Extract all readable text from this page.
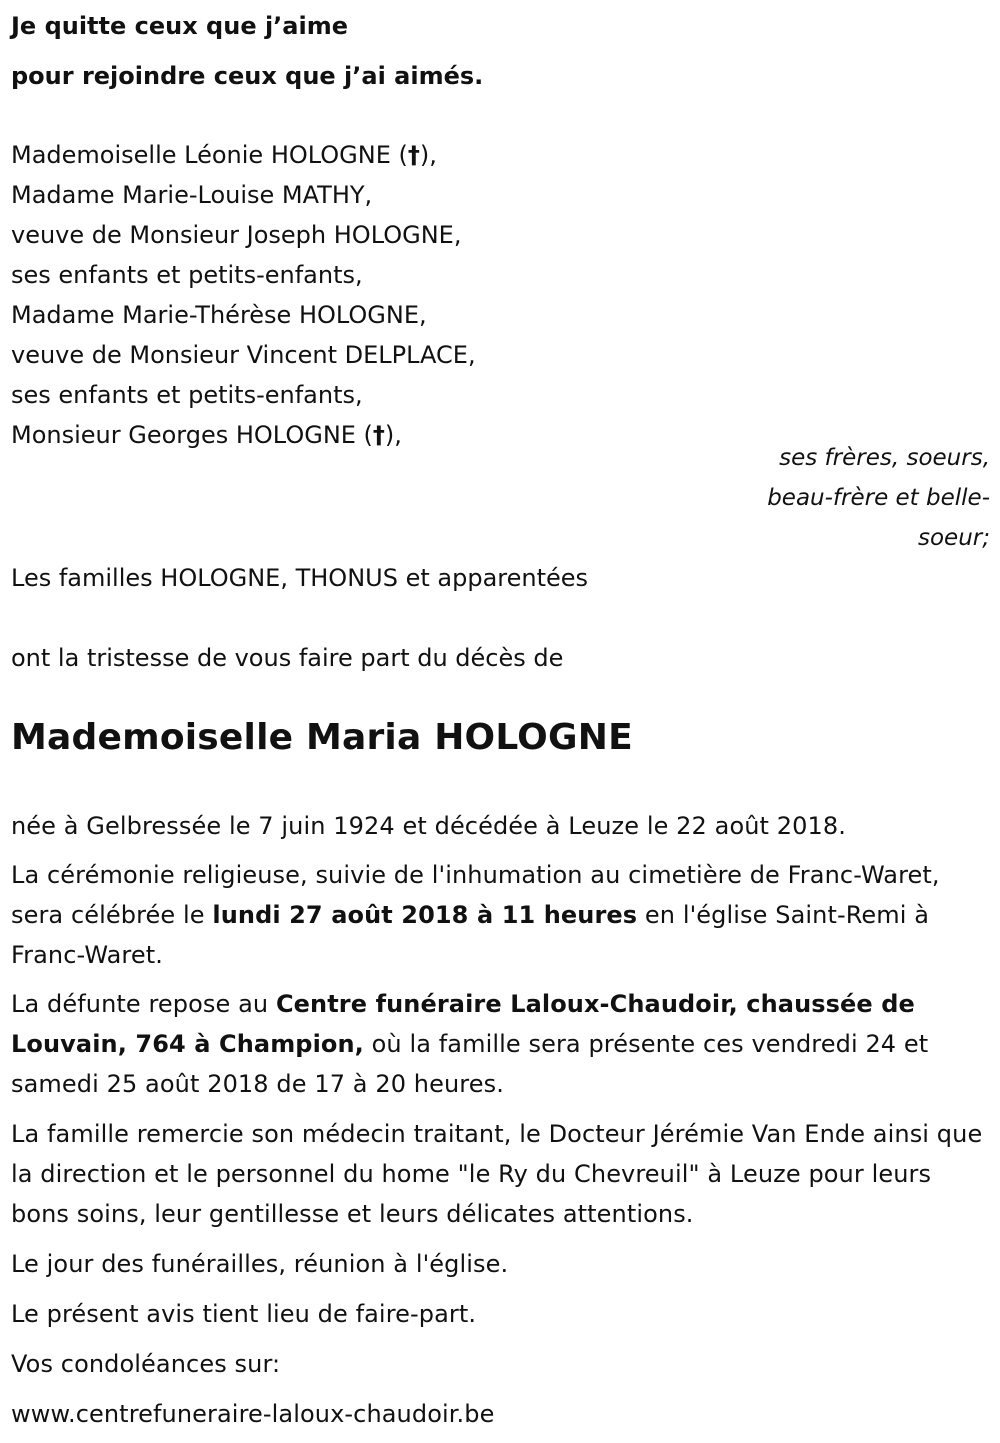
Je quitte ceux que j’aime
pour rejoindre ceux que j’ai aimés.
Mademoiselle Léonie HOLOGNE (†),
Madame Marie-Louise MATHY,
veuve de Monsieur Joseph HOLOGNE,
ses enfants et petits-enfants,
Madame Marie-Thérèse HOLOGNE,
veuve de Monsieur Vincent DELPLACE,
ses enfants et petits-enfants,
Monsieur Georges HOLOGNE (†),
ses frères, soeurs,
beau-frère et belle-
soeur;
Les familles HOLOGNE, THONUS et apparentées
ont la tristesse de vous faire part du décès de
Mademoiselle Maria HOLOGNE
née à Gelbressée le 7 juin 1924 et décédée à Leuze le 22 août 2018.
La cérémonie religieuse, suivie de l'inhumation au cimetière de Franc-Waret, sera célébrée le lundi 27 août 2018 à 11 heures en l'église Saint-Remi à Franc-Waret.
La défunte repose au Centre funéraire Laloux-Chaudoir, chaussée de Louvain, 764 à Champion, où la famille sera présente ces vendredi 24 et samedi 25 août 2018 de 17 à 20 heures.
La famille remercie son médecin traitant, le Docteur Jérémie Van Ende ainsi que la direction et le personnel du home "le Ry du Chevreuil" à Leuze pour leurs bons soins, leur gentillesse et leurs délicates attentions.
Le jour des funérailles, réunion à l'église.
Le présent avis tient lieu de faire-part.
Vos condoléances sur:
www.centrefuneraire-laloux-chaudoir.be
